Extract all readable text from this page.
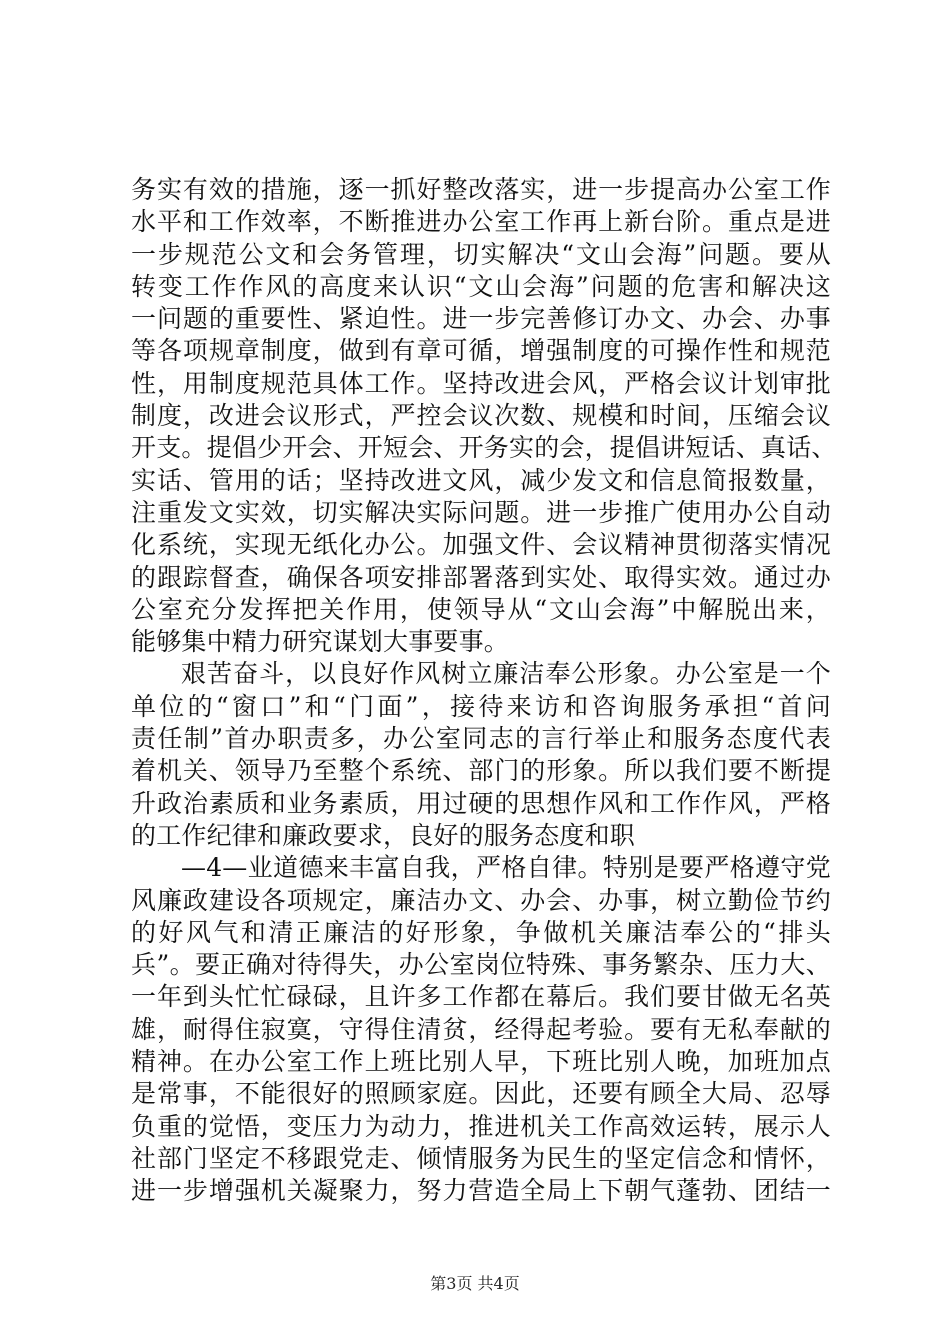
务实有效的措施，逐一抓好整改落实，进一步提高办公室工作
水平和工作效率，不断推进办公室工作再上新台阶。重点是进
一步规范公文和会务管理，切实解决“文山会海”问题。要从
转变工作作风的高度来认识“文山会海”问题的危害和解决这
一问题的重要性、紧迫性。进一步完善修订办文、办会、办事
等各项规章制度，做到有章可循，增强制度的可操作性和规范
性，用制度规范具体工作。坚持改进会风，严格会议计划审批
制度，改进会议形式，严控会议次数、规模和时间，压缩会议
开支。提倡少开会、开短会、开务实的会，提倡讲短话、真话、
实话、管用的话；坚持改进文风，减少发文和信息简报数量，
注重发文实效，切实解决实际问题。进一步推广使用办公自动
化系统，实现无纸化办公。加强文件、会议精神贯彻落实情况
的跟踪督查，确保各项安排部署落到实处、取得实效。通过办
公室充分发挥把关作用，使领导从“文山会海”中解脱出来，
能够集中精力研究谋划大事要事。
艰苦奋斗，以良好作风树立廉洁奉公形象。办公室是一个
单位的“窗口”和“门面”，接待来访和咨询服务承担“首问
责任制”首办职责多，办公室同志的言行举止和服务态度代表
着机关、领导乃至整个系统、部门的形象。所以我们要不断提
升政治素质和业务素质，用过硬的思想作风和工作作风，严格
的工作纪律和廉政要求，良好的服务态度和职
—4—业道德来丰富自我，严格自律。特别是要严格遵守党
风廉政建设各项规定，廉洁办文、办会、办事，树立勤俭节约
的好风气和清正廉洁的好形象，争做机关廉洁奉公的“排头
兵”。要正确对待得失，办公室岗位特殊、事务繁杂、压力大、
一年到头忙忙碌碌，且许多工作都在幕后。我们要甘做无名英
雄，耐得住寂寞，守得住清贫，经得起考验。要有无私奉献的
精神。在办公室工作上班比别人早，下班比别人晚，加班加点
是常事，不能很好的照顾家庭。因此，还要有顾全大局、忍辱
负重的觉悟，变压力为动力，推进机关工作高效运转，展示人
社部门坚定不移跟党走、倾情服务为民生的坚定信念和情怀，
进一步增强机关凝聚力，努力营造全局上下朝气蓬勃、团结一
第3页 共4页
